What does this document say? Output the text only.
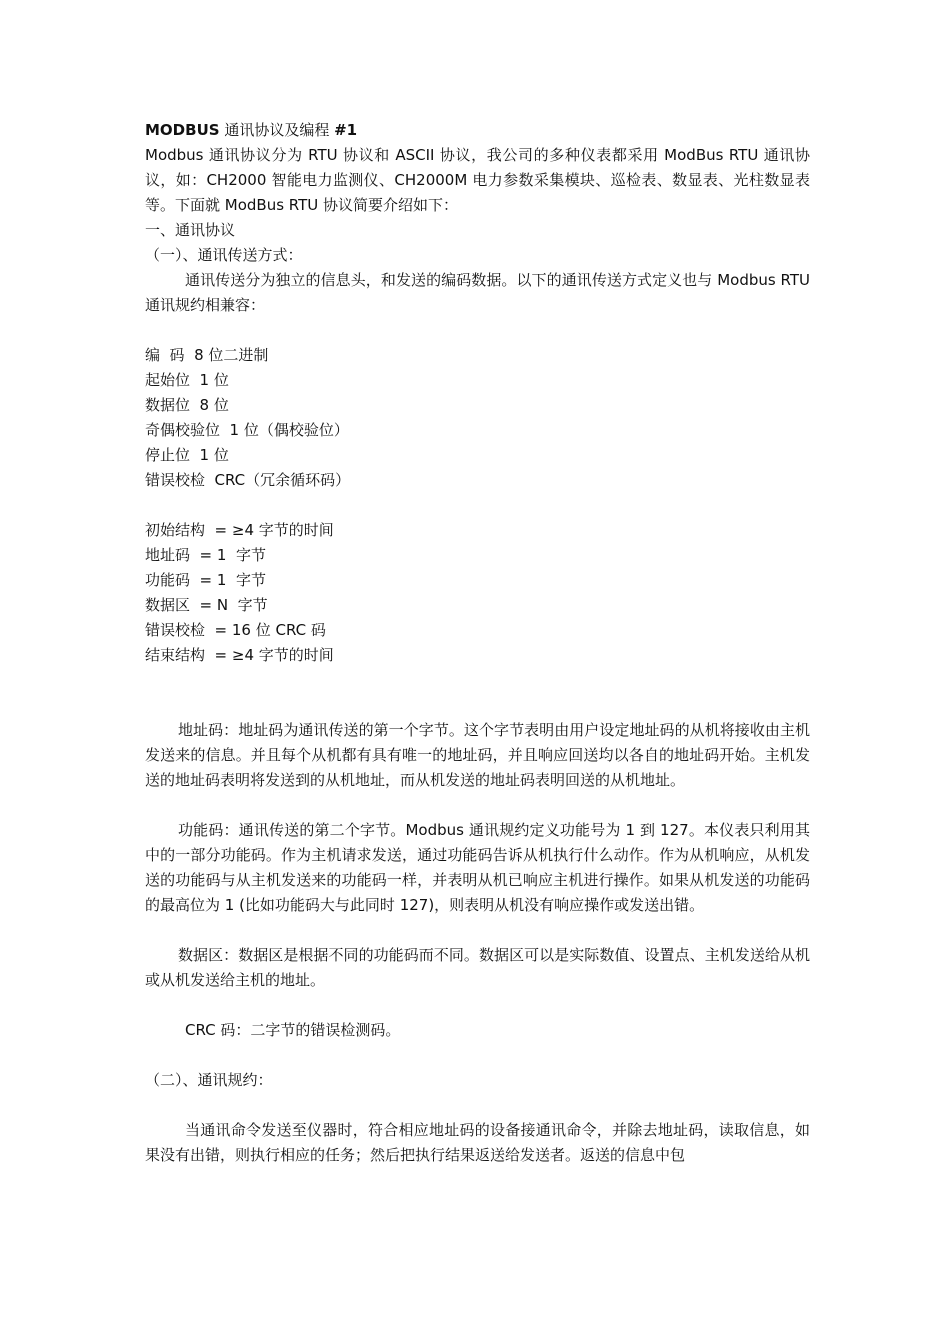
MODBUS 通讯协议及编程 #1
Modbus 通讯协议分为 RTU 协议和 ASCII 协议，我公司的多种仪表都采用 ModBus RTU 通讯协议，如：CH2000 智能电力监测仪、CH2000M 电力参数采集模块、巡检表、数显表、光柱数显表等。下面就 ModBus RTU 协议简要介绍如下：
一、通讯协议
（一）、通讯传送方式：
通讯传送分为独立的信息头，和发送的编码数据。以下的通讯传送方式定义也与 Modbus RTU 通讯规约相兼容：
编  码  8 位二进制
起始位  1 位
数据位  8 位
奇偶校验位  1 位（偶校验位）
停止位  1 位
错误校检  CRC（冗余循环码）
初始结构  = ≥4 字节的时间
地址码  = 1  字节
功能码  = 1  字节
数据区  = N  字节
错误校检  = 16 位 CRC 码
结束结构  = ≥4 字节的时间
地址码：地址码为通讯传送的第一个字节。这个字节表明由用户设定地址码的从机将接收由主机发送来的信息。并且每个从机都有具有唯一的地址码，并且响应回送均以各自的地址码开始。主机发送的地址码表明将发送到的从机地址，而从机发送的地址码表明回送的从机地址。
功能码：通讯传送的第二个字节。Modbus 通讯规约定义功能号为 1 到 127。本仪表只利用其中的一部分功能码。作为主机请求发送，通过功能码告诉从机执行什么动作。作为从机响应，从机发送的功能码与从主机发送来的功能码一样，并表明从机已响应主机进行操作。如果从机发送的功能码的最高位为 1 (比如功能码大与此同时 127)，则表明从机没有响应操作或发送出错。
数据区：数据区是根据不同的功能码而不同。数据区可以是实际数值、设置点、主机发送给从机或从机发送给主机的地址。
CRC 码：二字节的错误检测码。
（二）、通讯规约：
当通讯命令发送至仪器时，符合相应地址码的设备接通讯命令，并除去地址码，读取信息，如果没有出错，则执行相应的任务；然后把执行结果返送给发送者。返送的信息中包
